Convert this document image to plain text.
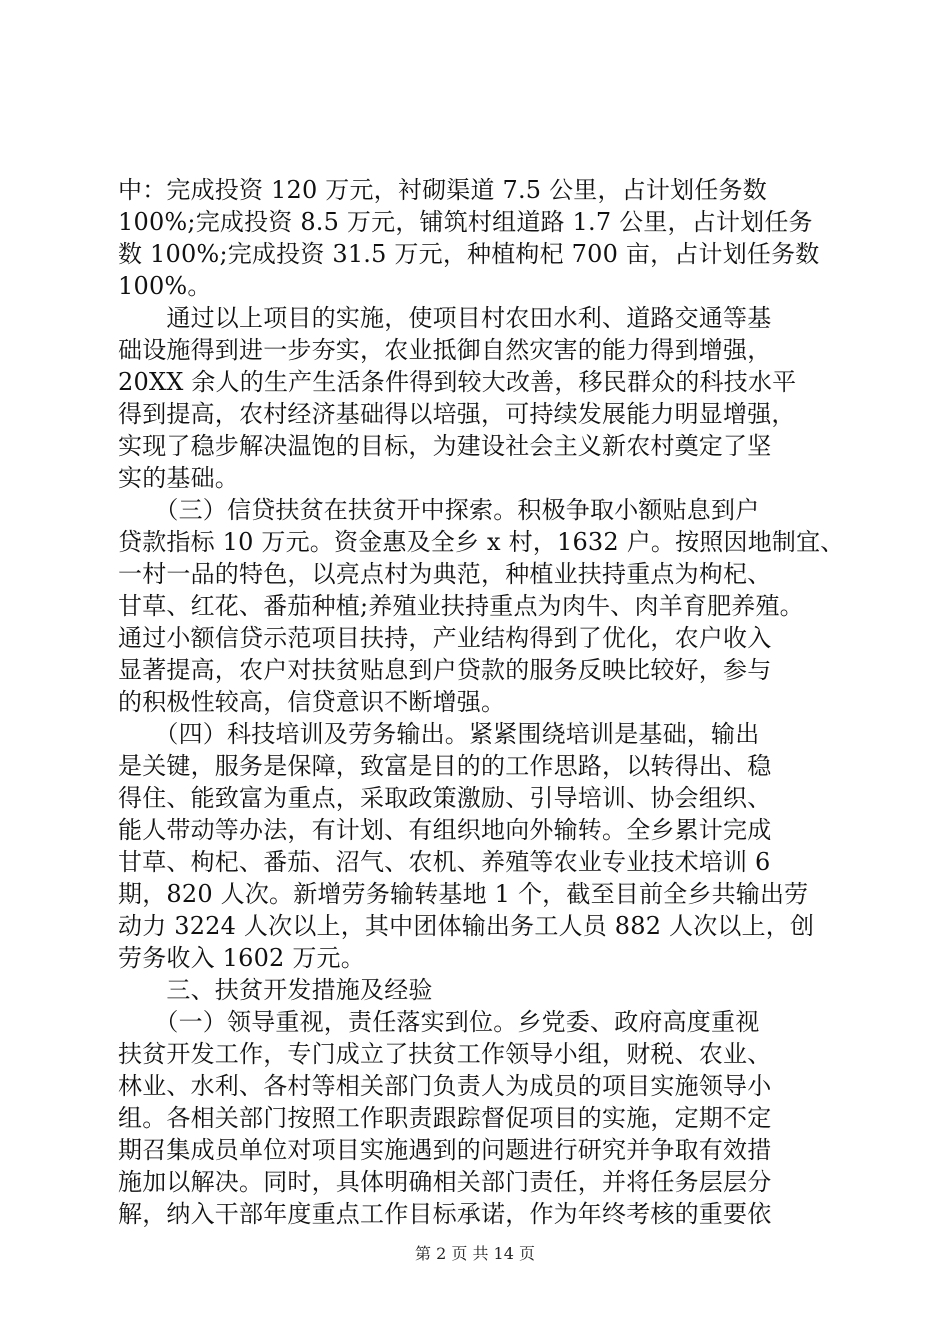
中：完成投资 120 万元，衬砌渠道 7.5 公里，占计划任务数
100%;完成投资 8.5 万元，铺筑村组道路 1.7 公里，占计划任务
数 100%;完成投资 31.5 万元，种植枸杞 700 亩，占计划任务数
100%。
　　通过以上项目的实施，使项目村农田水利、道路交通等基
础设施得到进一步夯实，农业抵御自然灾害的能力得到增强，
20XX 余人的生产生活条件得到较大改善，移民群众的科技水平
得到提高，农村经济基础得以培强，可持续发展能力明显增强，
实现了稳步解决温饱的目标，为建设社会主义新农村奠定了坚
实的基础。
　　（三）信贷扶贫在扶贫开中探索。积极争取小额贴息到户
贷款指标 10 万元。资金惠及全乡 x 村，1632 户。按照因地制宜、
一村一品的特色，以亮点村为典范，种植业扶持重点为枸杞、
甘草、红花、番茄种植;养殖业扶持重点为肉牛、肉羊育肥养殖。
通过小额信贷示范项目扶持，产业结构得到了优化，农户收入
显著提高，农户对扶贫贴息到户贷款的服务反映比较好，参与
的积极性较高，信贷意识不断增强。
　　（四）科技培训及劳务输出。紧紧围绕培训是基础，输出
是关键，服务是保障，致富是目的的工作思路，以转得出、稳
得住、能致富为重点，采取政策激励、引导培训、协会组织、
能人带动等办法，有计划、有组织地向外输转。全乡累计完成
甘草、枸杞、番茄、沼气、农机、养殖等农业专业技术培训 6
期，820 人次。新增劳务输转基地 1 个，截至目前全乡共输出劳
动力 3224 人次以上，其中团体输出务工人员 882 人次以上，创
劳务收入 1602 万元。
　　三、扶贫开发措施及经验
　　（一）领导重视，责任落实到位。乡党委、政府高度重视
扶贫开发工作，专门成立了扶贫工作领导小组，财税、农业、
林业、水利、各村等相关部门负责人为成员的项目实施领导小
组。各相关部门按照工作职责跟踪督促项目的实施，定期不定
期召集成员单位对项目实施遇到的问题进行研究并争取有效措
施加以解决。同时，具体明确相关部门责任，并将任务层层分
解，纳入干部年度重点工作目标承诺，作为年终考核的重要依
第 2 页 共 14 页
